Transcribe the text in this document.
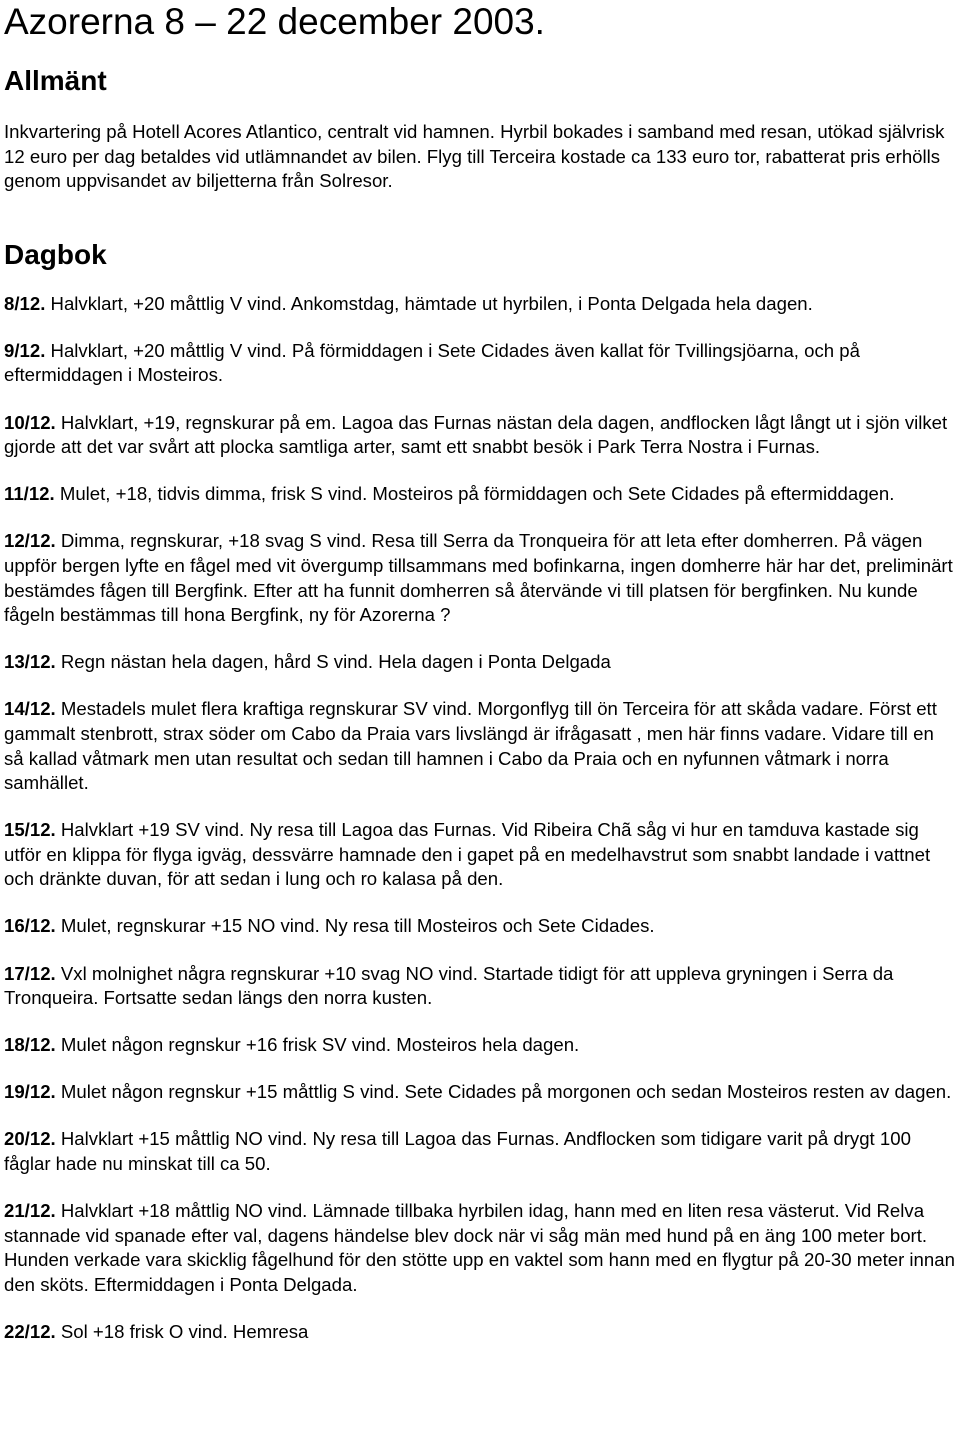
Azorerna 8 – 22 december 2003.
Allmänt

Inkvartering på Hotell Acores Atlantico, centralt vid hamnen. Hyrbil bokades i samband med resan, utökad självrisk 12 euro per dag betaldes vid utlämnandet av bilen. Flyg till Terceira kostade ca 133 euro tor, rabatterat pris erhölls genom uppvisandet av biljetterna från Solresor.

Dagbok

8/12. Halvklart, +20 måttlig V vind. Ankomstdag, hämtade ut hyrbilen, i Ponta Delgada hela dagen.

9/12. Halvklart, +20 måttlig V vind. På förmiddagen i Sete Cidades även kallat för Tvillingsjöarna, och på eftermiddagen i Mosteiros.

10/12. Halvklart, +19, regnskurar på em. Lagoa das Furnas nästan dela dagen, andflocken lågt långt ut i sjön vilket gjorde att det var svårt att plocka samtliga arter, samt ett snabbt besök i Park Terra Nostra i Furnas.

11/12. Mulet, +18, tidvis dimma, frisk S vind. Mosteiros på förmiddagen och Sete Cidades på eftermiddagen.

12/12. Dimma, regnskurar, +18 svag S vind. Resa till Serra da Tronqueira för att leta efter domherren. På vägen uppför bergen lyfte en fågel med vit övergump tillsammans med bofinkarna, ingen domherre här har det, preliminärt bestämdes fågen till Bergfink. Efter att ha funnit domherren så återvände vi till platsen för bergfinken. Nu kunde fågeln bestämmas till hona Bergfink, ny för Azorerna ?

13/12. Regn nästan hela dagen, hård S vind. Hela dagen i Ponta Delgada

14/12. Mestadels mulet flera kraftiga regnskurar SV vind. Morgonflyg till ön Terceira för att skåda vadare. Först ett gammalt stenbrott, strax söder om Cabo da Praia vars livslängd är ifrågasatt , men här finns vadare. Vidare till en så kallad våtmark men utan resultat och sedan till hamnen i Cabo da Praia och en nyfunnen våtmark i norra samhället.

15/12. Halvklart +19 SV vind. Ny resa till Lagoa das Furnas. Vid Ribeira Chã såg vi hur en tamduva kastade sig utför en klippa för flyga igväg, dessvärre hamnade den i gapet på en medelhavstrut som snabbt landade i vattnet och dränkte duvan, för att sedan i lung och ro kalasa på den.

16/12. Mulet, regnskurar +15 NO vind. Ny resa till Mosteiros och Sete Cidades.

17/12. Vxl molnighet några regnskurar +10 svag NO vind. Startade tidigt för att uppleva gryningen i Serra da Tronqueira. Fortsatte sedan längs den norra kusten.

18/12. Mulet någon regnskur +16 frisk SV vind. Mosteiros hela dagen.

19/12. Mulet någon regnskur +15 måttlig S vind. Sete Cidades på morgonen och sedan Mosteiros resten av dagen.

20/12. Halvklart +15 måttlig NO vind. Ny resa till Lagoa das Furnas. Andflocken som tidigare varit på drygt 100 fåglar hade nu minskat till ca 50.

21/12. Halvklart +18 måttlig NO vind. Lämnade tillbaka hyrbilen idag, hann med en liten resa västerut. Vid Relva stannade vid spanade efter val, dagens händelse blev dock när vi såg män med hund på en äng 100 meter bort. Hunden verkade vara skicklig fågelhund för den stötte upp en vaktel som hann med en flygtur på 20-30 meter innan den sköts. Eftermiddagen i Ponta Delgada.

22/12. Sol +18 frisk O vind. Hemresa
